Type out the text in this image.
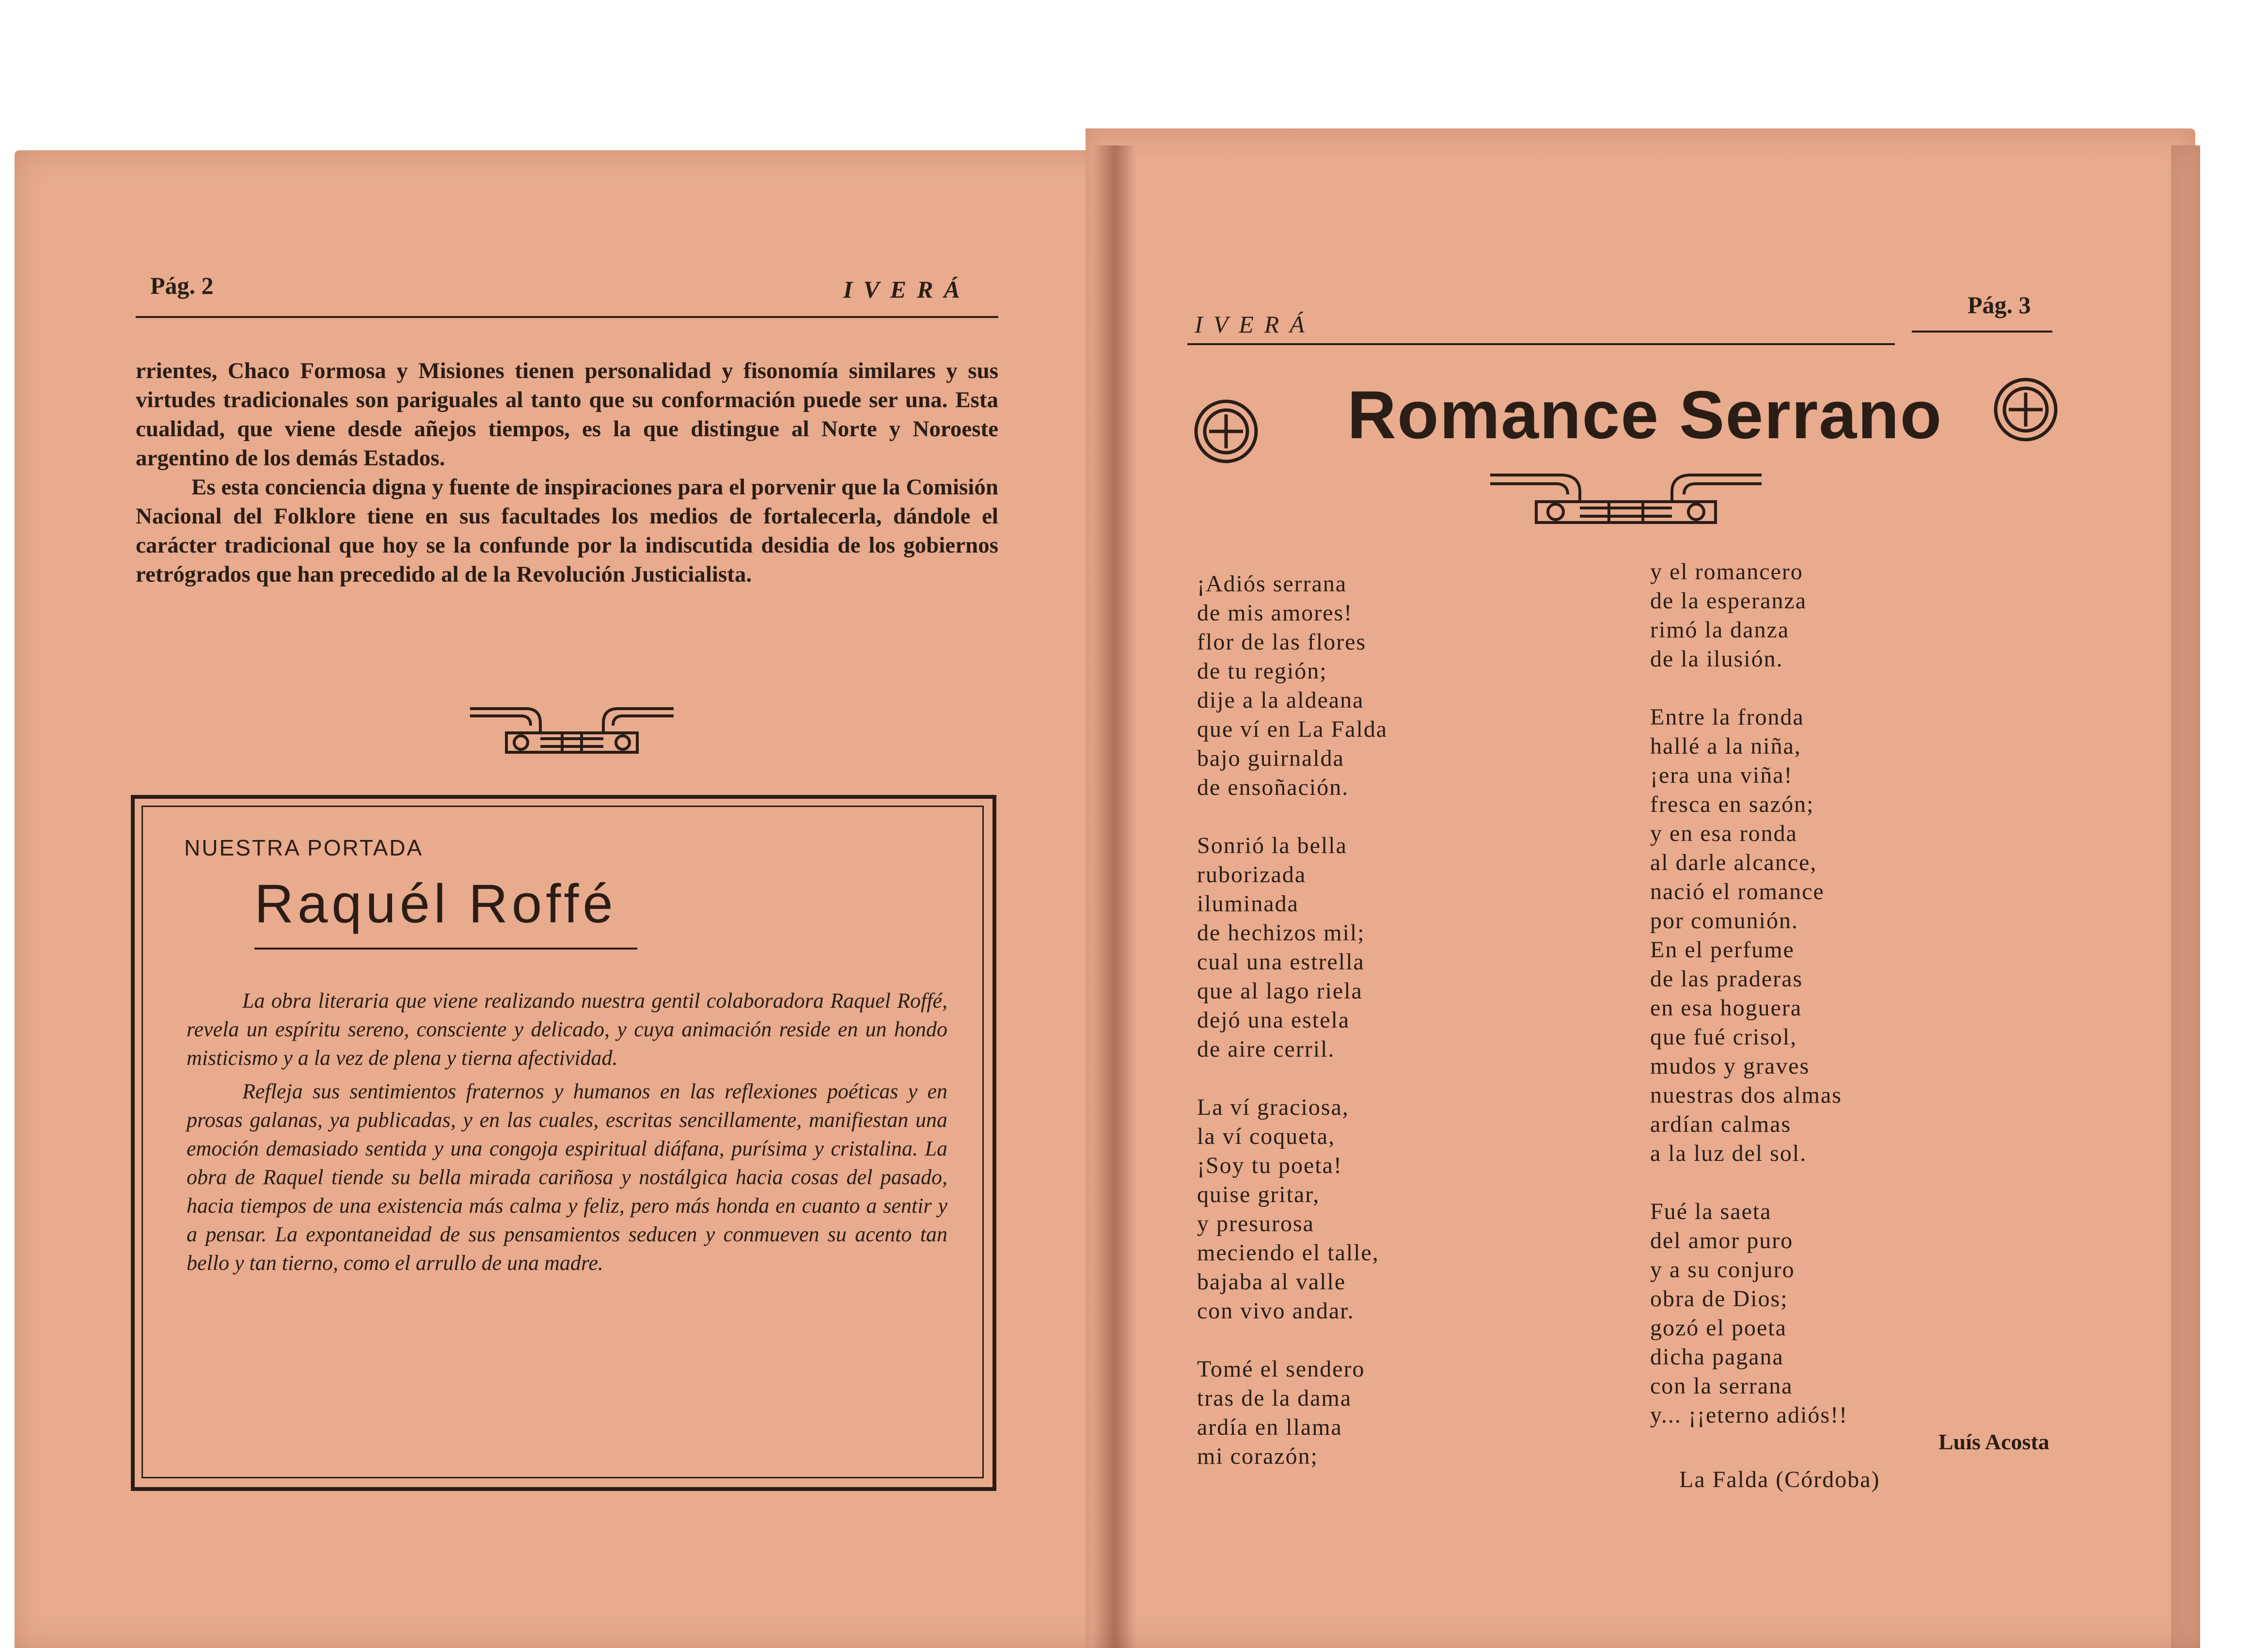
Pág. 2	IVERÁ

rrientes, Chaco Formosa y Misiones tienen personalidad y fisonomía similares y sus virtudes tradicionales son pariguales al tanto que su conformación puede ser una. Esta cualidad, que viene desde añejos tiempos, es la que distingue al Norte y Noroeste argentino de los demás Estados.

Es esta conciencia digna y fuente de inspiraciones para el porvenir que la Comisión Nacional del Folklore tiene en sus facultades los medios de fortalecerla, dándole el carácter tradicional que hoy se la confunde por la indiscutida desidia de los gobiernos retrógrados que han precedido al de la Revolución Justicialista.

NUESTRA PORTADA
Raquél Roffé

La obra literaria que viene realizando nuestra gentil colaboradora Raquel Roffé, revela un espíritu sereno, consciente y delicado, y cuya animación reside en un hondo misticismo y a la vez de plena y tierna afectividad.

Refleja sus sentimientos fraternos y humanos en las reflexiones poéticas y en prosas galanas, ya publicadas, y en las cuales, escritas sencillamente, manifiestan una emoción demasiado sentida y una congoja espiritual diáfana, purísima y cristalina. La obra de Raquel tiende su bella mirada cariñosa y nostálgica hacia cosas del pasado, hacia tiempos de una existencia más calma y feliz, pero más honda en cuanto a sentir y a pensar. La expontaneidad de sus pensamientos seducen y conmueven su acento tan bello y tan tierno, como el arrullo de una madre.

IVERÁ
Pág. 3
Romance Serrano
¡Adiós serrana
de mis amores!
flor de las flores
de tu región;
dije a la aldeana
que ví en La Falda
bajo guirnalda
de ensoñación.
Sonrió la bella
ruborizada
iluminada
de hechizos mil;
cual una estrella
que al lago riela
dejó una estela
de aire cerril.
La ví graciosa,
la ví coqueta,
¡Soy tu poeta!
quise gritar,
y presurosa
meciendo el talle,
bajaba al valle
con vivo andar.
Tomé el sendero
tras de la dama
ardía en llama
mi corazón;
y el romancero
de la esperanza
rimó la danza
de la ilusión.
Entre la fronda
hallé a la niña,
¡era una viña!
fresca en sazón;
y en esa ronda
al darle alcance,
nació el romance
por comunión.
En el perfume
de las praderas
en esa hoguera
que fué crisol,
mudos y graves
nuestras dos almas
ardían calmas
a la luz del sol.
Fué la saeta
del amor puro
y a su conjuro
obra de Dios;
gozó el poeta
dicha pagana
con la serrana
y... ¡¡eterno adiós!!
Luís Acosta
La Falda (Córdoba)
